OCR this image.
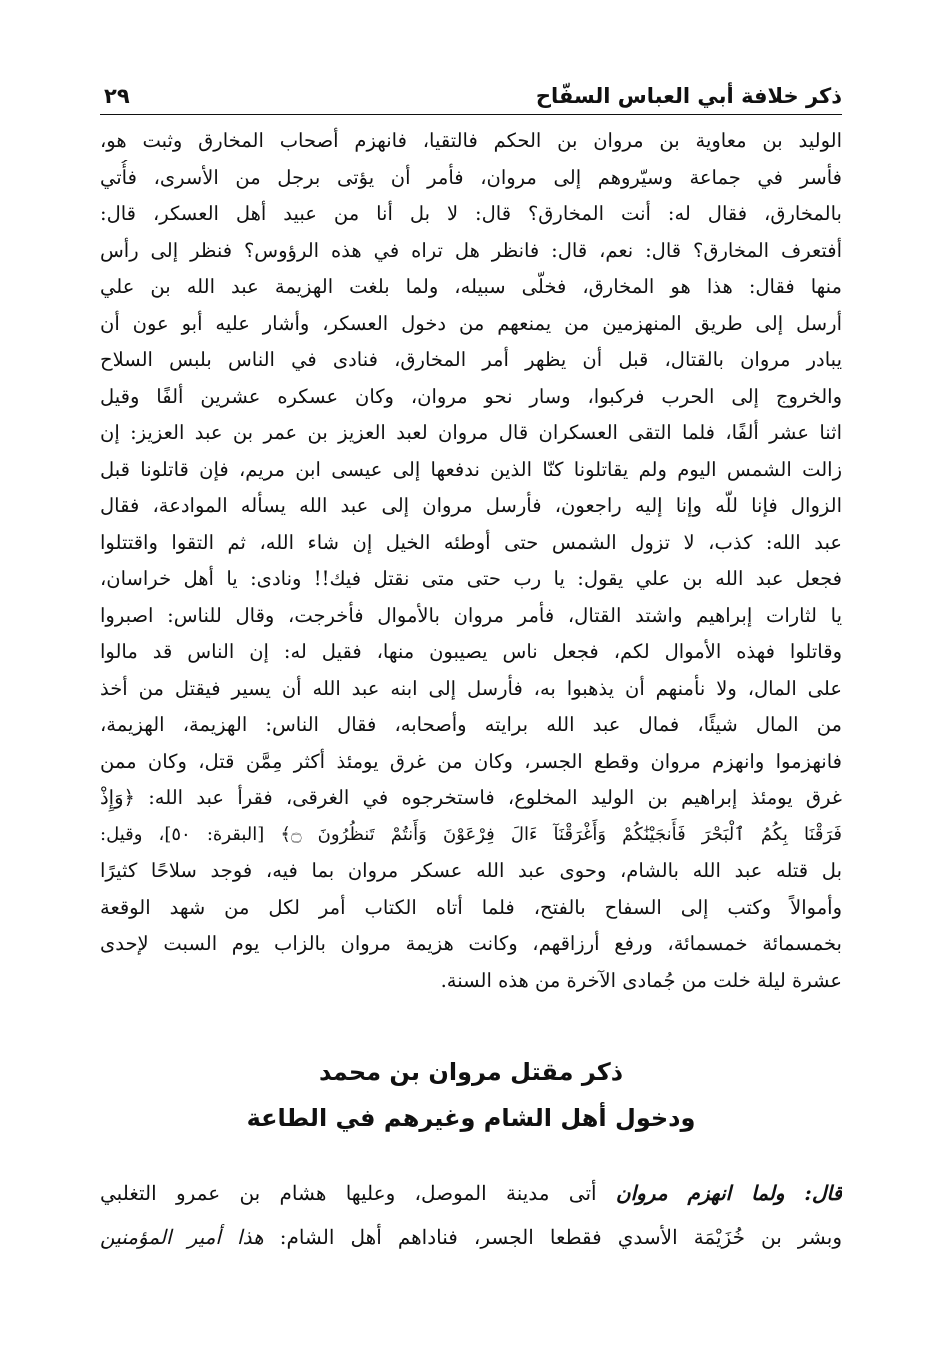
ذكر خلافة أبي العباس السفّاح
٢٩
الوليد بن معاوية بن مروان بن الحكم فالتقيا، فانهزم أصحاب المخارق وثبت هو،
فأسر في جماعة وسيّروهم إلى مروان، فأمر أن يؤتى برجل من الأسرى، فأُتي
بالمخارق، فقال له: أنت المخارق؟ قال: لا بل أنا من عبيد أهل العسكر، قال:
أفتعرف المخارق؟ قال: نعم، قال: فانظر هل تراه في هذه الرؤوس؟ فنظر إلى رأس
منها فقال: هذا هو المخارق، فخلّى سبيله، ولما بلغت الهزيمة عبد الله بن علي
أرسل إلى طريق المنهزمين من يمنعهم من دخول العسكر، وأشار عليه أبو عون أن
يبادر مروان بالقتال، قبل أن يظهر أمر المخارق، فنادى في الناس بلبس السلاح
والخروج إلى الحرب فركبوا، وسار نحو مروان، وكان عسكره عشرين ألفًا وقيل
اثنا عشر ألفًا، فلما التقى العسكران قال مروان لعبد العزيز بن عمر بن عبد العزيز: إن
زالت الشمس اليوم ولم يقاتلونا كنّا الذين ندفعها إلى عيسى ابن مريم، فإن قاتلونا قبل
الزوال فإنا للّه وإنا إليه راجعون، فأرسل مروان إلى عبد الله يسأله الموادعة، فقال
عبد الله: كذب، لا تزول الشمس حتى أوطئه الخيل إن شاء الله، ثم التقوا واقتتلوا
فجعل عبد الله بن علي يقول: يا رب حتى متى نقتل فيك!! ونادى: يا أهل خراسان،
يا لثارات إبراهيم واشتد القتال، فأمر مروان بالأموال فأخرجت، وقال للناس: اصبروا
وقاتلوا فهذه الأموال لكم، فجعل ناس يصيبون منها، فقيل له: إن الناس قد مالوا
على المال، ولا نأمنهم أن يذهبوا به، فأرسل إلى ابنه عبد الله أن يسير فيقتل من أخذ
من المال شيئًا، فمال عبد الله برايته وأصحابه، فقال الناس: الهزيمة، الهزيمة،
فانهزموا وانهزم مروان وقطع الجسر، وكان من غرق يومئذ أكثر مِمَّن قتل، وكان ممن
غرق يومئذ إبراهيم بن الوليد المخلوع، فاستخرجوه في الغرقى، فقرأ عبد الله: ﴿وَإِذْ
فَرَقْنَا بِكُمُ ٱلْبَحْرَ فَأَنجَيْنَٰكُمْ وَأَغْرَقْنَآ ءَالَ فِرْعَوْنَ وَأَنتُمْ تَنظُرُونَ ۝﴾ [البقرة: ٥٠]، وقيل:
بل قتله عبد الله بالشام، وحوى عبد الله عسكر مروان بما فيه، فوجد سلاحًا كثيرًا
وأموالاً وكتب إلى السفاح بالفتح، فلما أتاه الكتاب أمر لكل من شهد الوقعة
بخمسمائة خمسمائة، ورفع أرزاقهم، وكانت هزيمة مروان بالزاب يوم السبت لإحدى
عشرة ليلة خلت من جُمادى الآخرة من هذه السنة.
ذكر مقتل مروان بن محمد
ودخول أهل الشام وغيرهم في الطاعة
قال: ولما انهزم مروان أتى مدينة الموصل، وعليها هشام بن عمرو التغلبي
وبشر بن خُزَيْمَة الأسدي فقطعا الجسر، فناداهم أهل الشام: هذا أمير المؤمنين
